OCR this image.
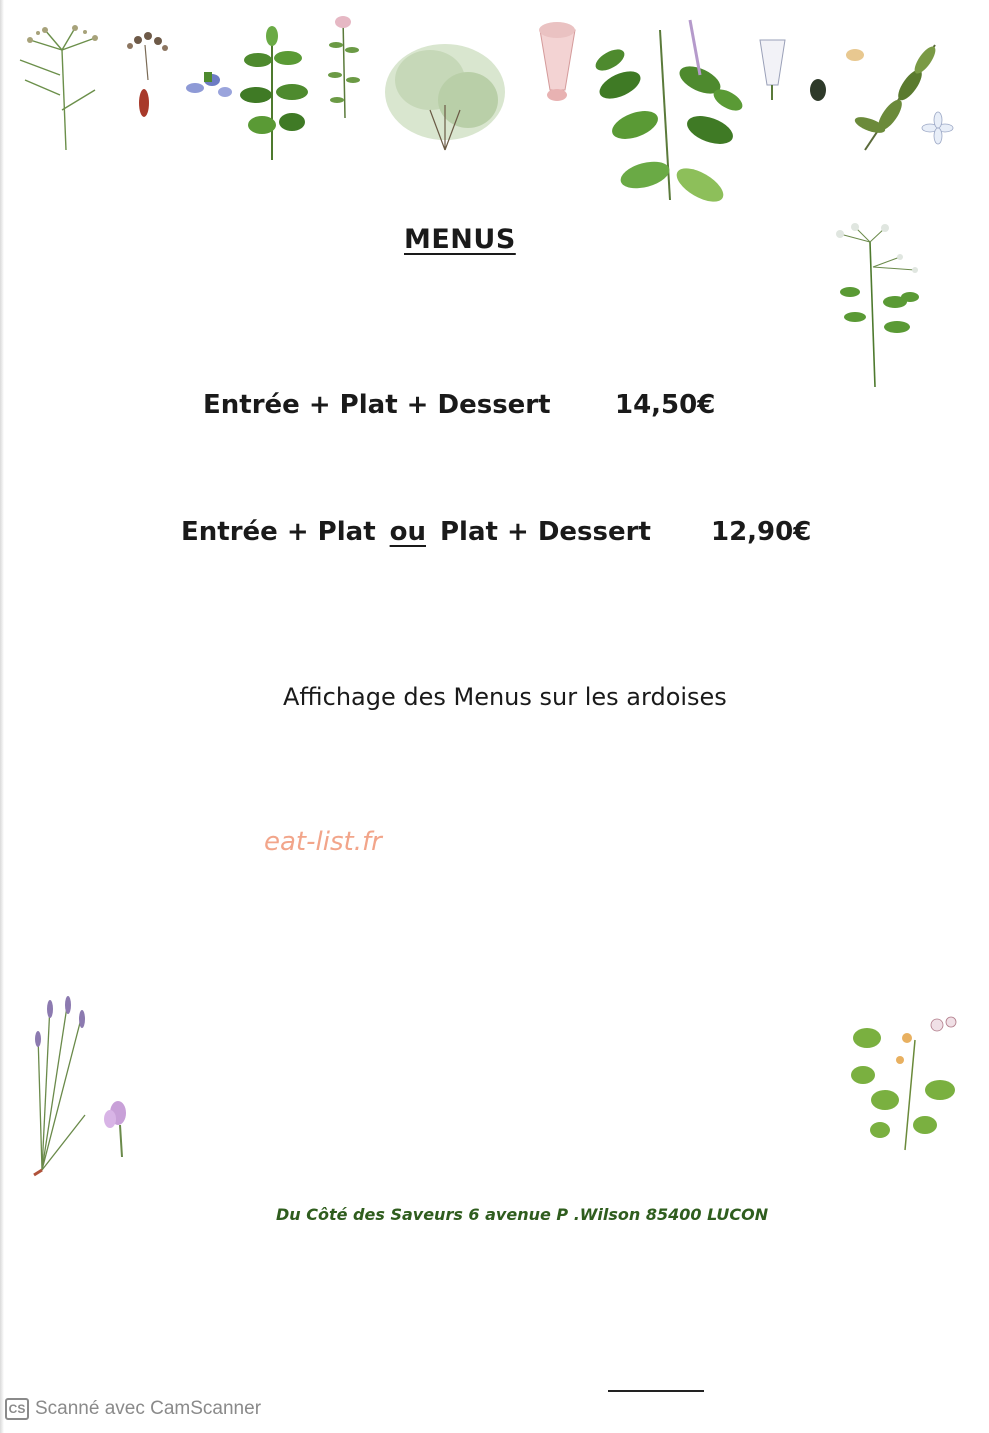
MENUS
Entrée + Plat + Dessert 14,50€
Entrée + Plat ou Plat + Dessert 12,90€
Affichage des Menus sur les ardoises
eat-list.fr
Du Côté des Saveurs 6 avenue P .Wilson 85400 LUCON
CS Scanné avec CamScanner
